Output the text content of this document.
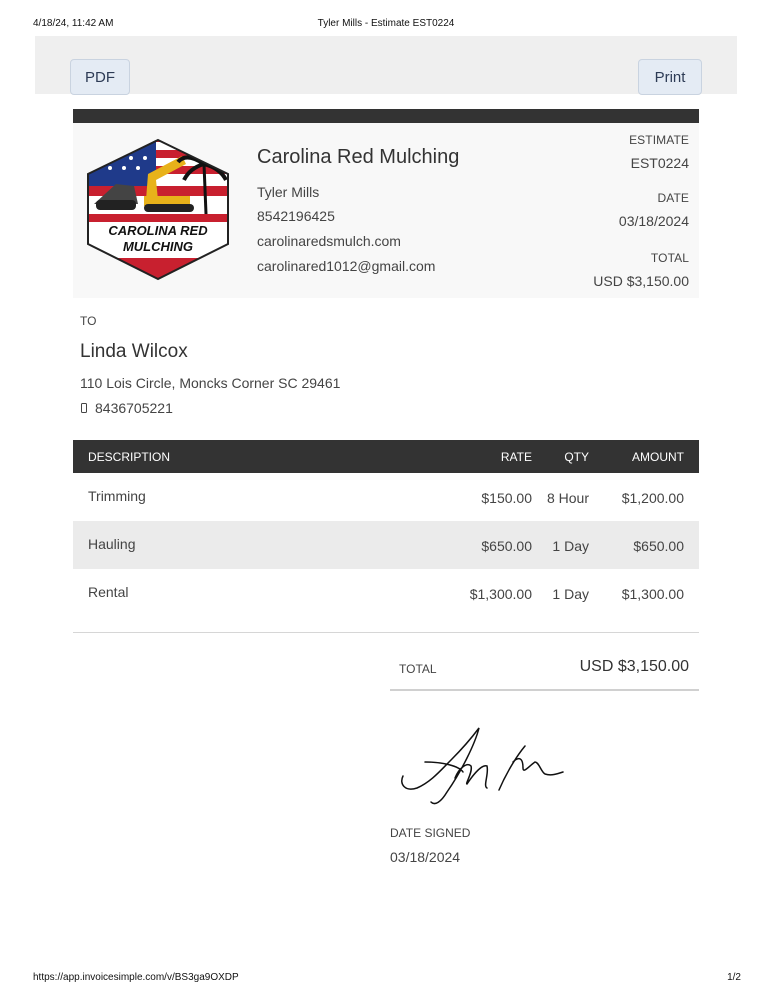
4/18/24, 11:42 AM	Tyler Mills - Estimate EST0224
PDF	Print
CAROLINA RED
MULCHING
Carolina Red Mulching
Tyler Mills
8542196425
carolinaredsmulch.com
carolinared1012@gmail.com
ESTIMATE
EST0224
DATE
03/18/2024
TOTAL
USD $3,150.00
TO
Linda Wilcox
110 Lois Circle, Moncks Corner SC 29461
8436705221
DESCRIPTION	RATE	QTY	AMOUNT
Trimming	$150.00 8 Hour $1,200.00
Hauling	$650.00 1 Day	$650.00
Rental	$1,300.00 1 Day $1,300.00
TOTAL	USD $3,150.00
DATE SIGNED
03/18/2024
https://app.invoicesimple.com/v/BS3ga9OXDP	1/2
